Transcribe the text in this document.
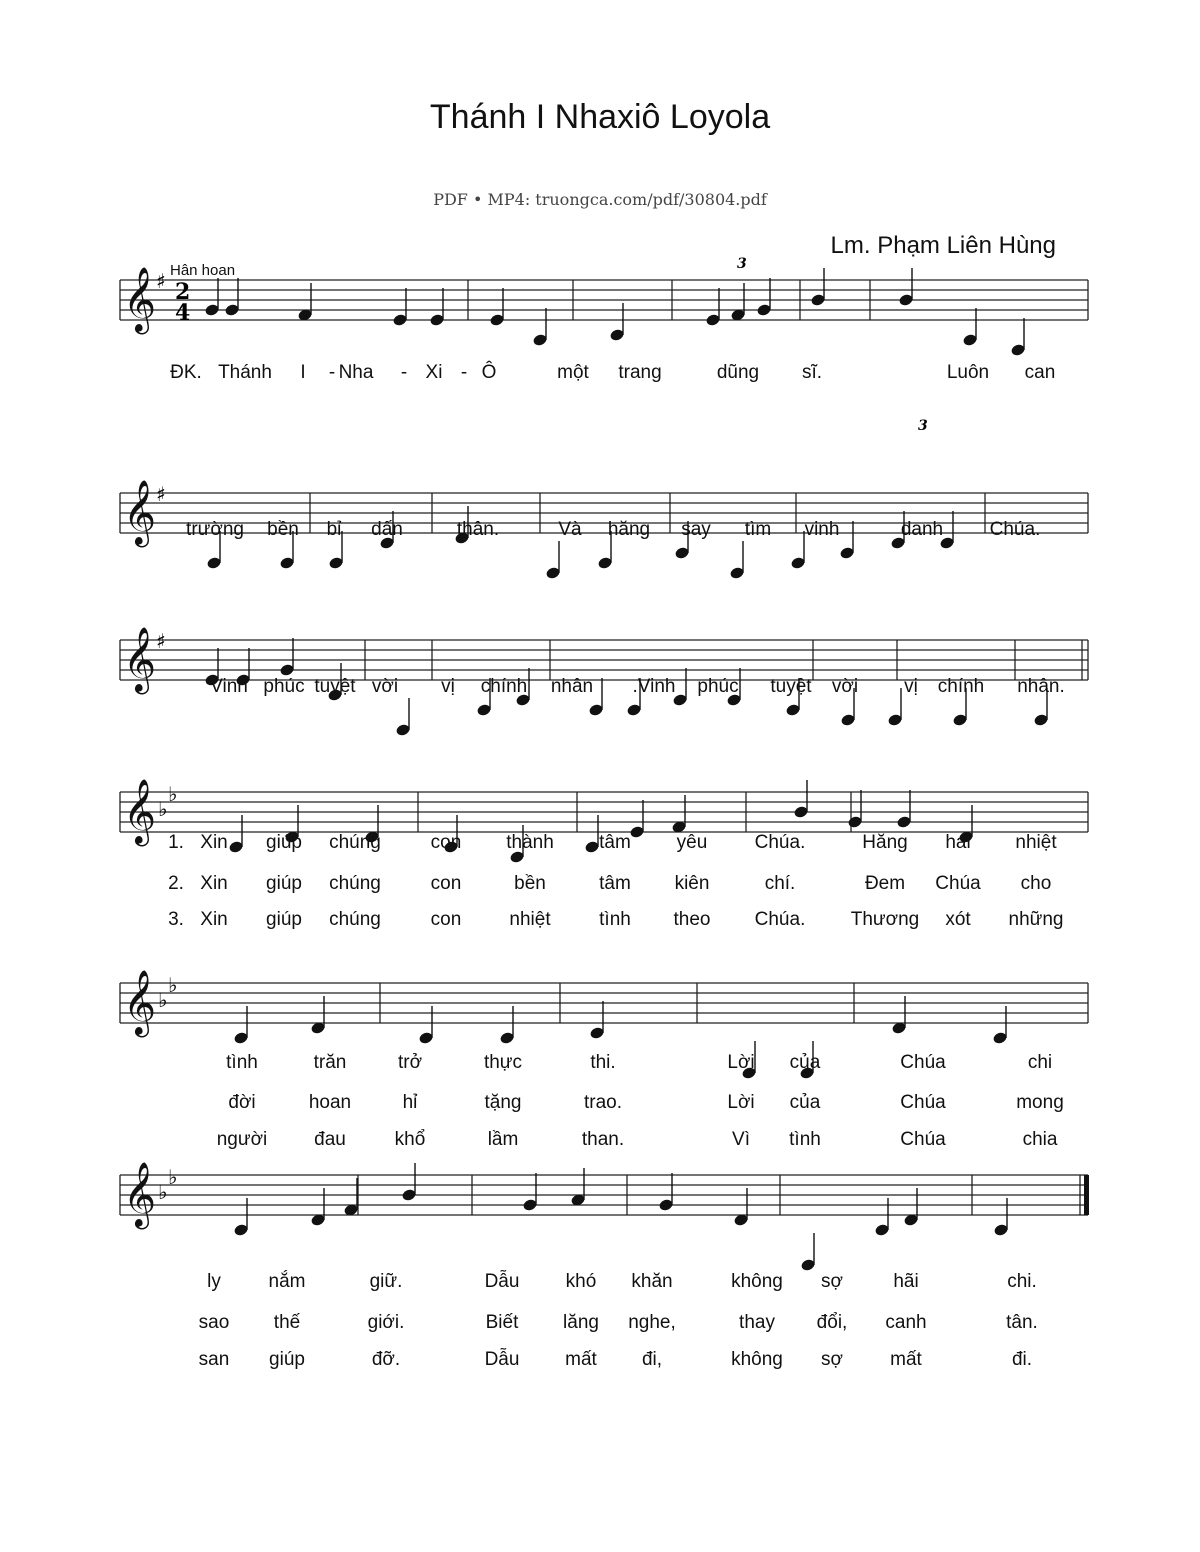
Thánh I Nhaxiô Loyola
PDF • MP4: truongca.com/pdf/30804.pdf
Lm. Phạm Liên Hùng
Hân hoan
𝄞 ♯
𝄞 ♯
𝄞 ♯
𝄞 ♭
♭
𝄞 ♭
♭
𝄞 ♭
♭
2
4
3
3
ĐK. Thánh I - Nha - Xi - Ô	một trang	dũng sĩ.	Luôn can
trường bền bỉ dấn	thân.	Và hăng say tìm vinh	danh Chúa.
Vinh phúc tuyệt vời vị chính nhân .Vinh phúc tuyệt vời vị chính nhân.
Xin giúp chúng	con thành tâm yêu Chúa.	Hăng hái nhiệt
1.
Xin giúp chúng	con	bền	tâm kiên	chí.	Đem Chúa cho
2.
Xin giúp chúng	con	nhiệt	tình theo Chúa. Thương xót những
3.
tình	trăn	trở	thực	thi.	Lời của	Chúa	chi
đời	hoan	hỉ	tặng	trao.	Lời của	Chúa	mong
người đau	khổ	lầm	than.	Vì tình	Chúa	chia
ly	nắm	giữ.	Dẫu khó khăn	không sợ	hãi	chi.
sao thế	giới.	Biết lăng nghe,	thay đổi, canh	tân.
san giúp	đỡ.	Dẫu mất đi,	không sợ mất	đi.
